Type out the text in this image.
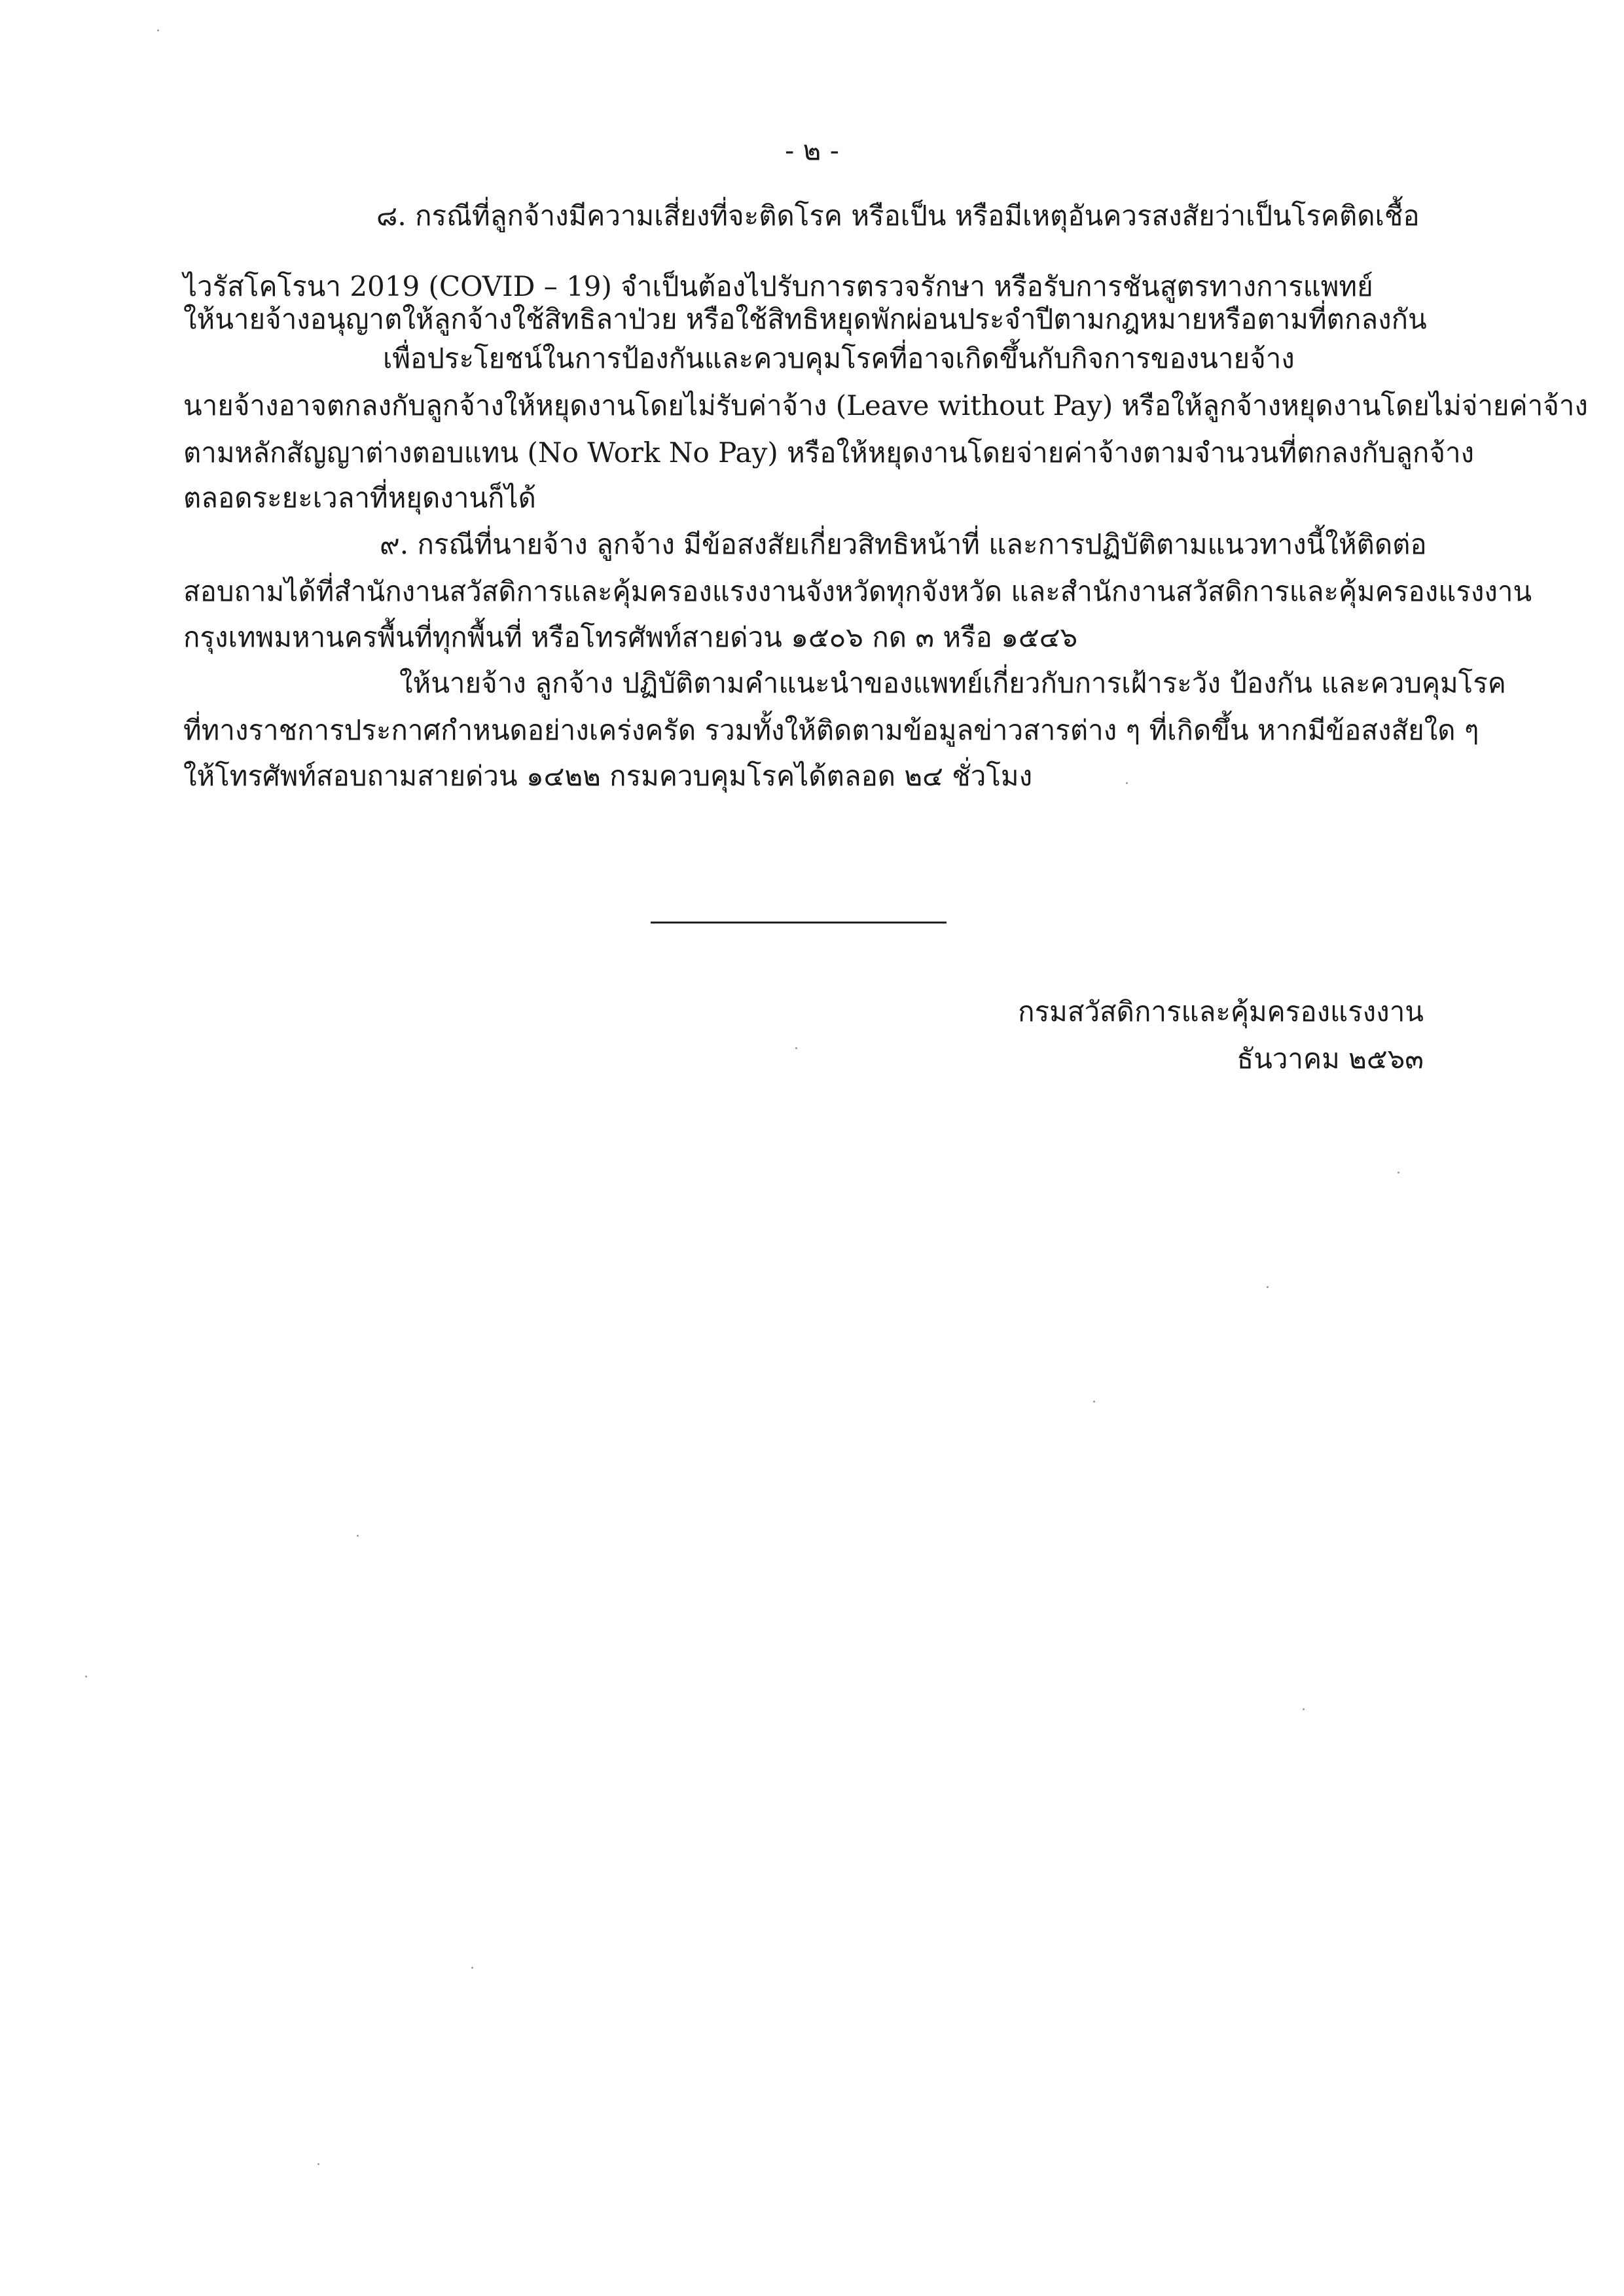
- ๒ -
๘. กรณีที่ลูกจ้างมีความเสี่ยงที่จะติดโรค หรือเป็น หรือมีเหตุอันควรสงสัยว่าเป็นโรคติดเชื้อ
ไวรัสโคโรนา 2019 (COVID – 19) จำเป็นต้องไปรับการตรวจรักษา หรือรับการชันสูตรทางการแพทย์
ให้นายจ้างอนุญาตให้ลูกจ้างใช้สิทธิลาป่วย หรือใช้สิทธิหยุดพักผ่อนประจำปีตามกฎหมายหรือตามที่ตกลงกัน
เพื่อประโยชน์ในการป้องกันและควบคุมโรคที่อาจเกิดขึ้นกับกิจการของนายจ้าง
นายจ้างอาจตกลงกับลูกจ้างให้หยุดงานโดยไม่รับค่าจ้าง (Leave without Pay) หรือให้ลูกจ้างหยุดงานโดยไม่จ่ายค่าจ้าง
ตามหลักสัญญาต่างตอบแทน (No Work No Pay) หรือให้หยุดงานโดยจ่ายค่าจ้างตามจำนวนที่ตกลงกับลูกจ้าง
ตลอดระยะเวลาที่หยุดงานก็ได้
๙. กรณีที่นายจ้าง ลูกจ้าง มีข้อสงสัยเกี่ยวสิทธิหน้าที่ และการปฏิบัติตามแนวทางนี้ให้ติดต่อ
สอบถามได้ที่สำนักงานสวัสดิการและคุ้มครองแรงงานจังหวัดทุกจังหวัด และสำนักงานสวัสดิการและคุ้มครองแรงงาน
กรุงเทพมหานครพื้นที่ทุกพื้นที่ หรือโทรศัพท์สายด่วน ๑๕๐๖ กด ๓ หรือ ๑๕๔๖
ให้นายจ้าง ลูกจ้าง ปฏิบัติตามคำแนะนำของแพทย์เกี่ยวกับการเฝ้าระวัง ป้องกัน และควบคุมโรค
ที่ทางราชการประกาศกำหนดอย่างเคร่งครัด รวมทั้งให้ติดตามข้อมูลข่าวสารต่าง ๆ ที่เกิดขึ้น หากมีข้อสงสัยใด ๆ
ให้โทรศัพท์สอบถามสายด่วน ๑๔๒๒ กรมควบคุมโรคได้ตลอด ๒๔ ชั่วโมง
กรมสวัสดิการและคุ้มครองแรงงาน
ธันวาคม ๒๕๖๓
